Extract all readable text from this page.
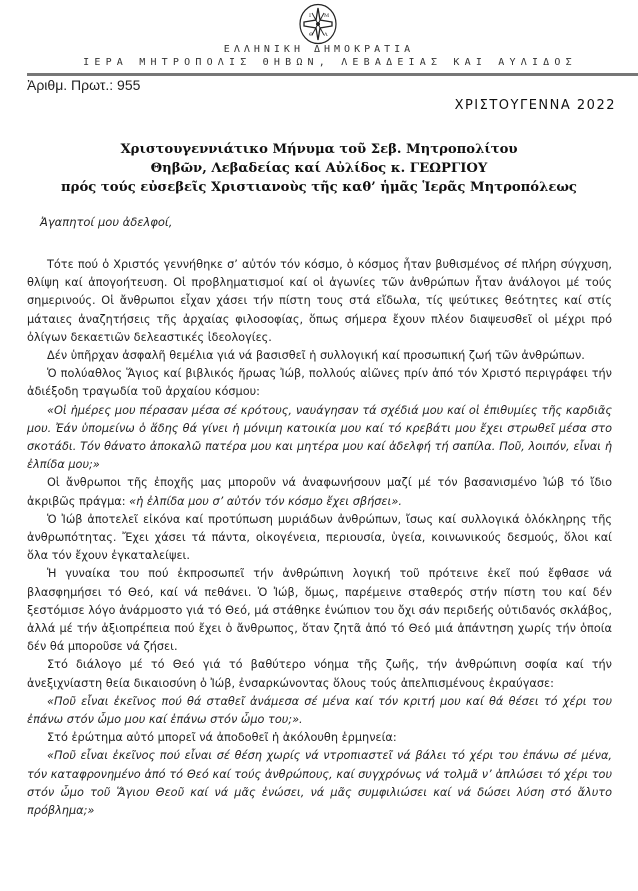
I	M
Θ Λ
ΕΛΛΗΝΙΚΗ ΔΗΜΟΚΡΑΤΙΑ
ΙΕΡΑ ΜΗΤΡΟΠΟΛΙΣ ΘΗΒΩΝ, ΛΕΒΑΔΕΙΑΣ ΚΑΙ ΑΥΛΙΔΟΣ
Ἀριθμ. Πρωτ.: 955
ΧΡΙΣΤΟΥΓΕΝΝΑ 2022
Χριστουγεννιάτικο Μήνυμα τοῦ Σεβ. Μητροπολίτου
Θηβῶν, Λεβαδείας καί Αὐλίδος κ. ΓΕΩΡΓΙΟΥ
πρός τούς εὐσεβεῖς Χριστιανοὺς τῆς καθ’ ἡμᾶς Ἱερᾶς Μητροπόλεως
Ἀγαπητοί μου ἀδελφοί,

Τότε πού ὁ Χριστός γεννήθηκε σ’ αὐτόν τόν κόσμο, ὁ κόσμος ἦταν βυθισμένος σέ πλήρη σύγχυση, θλίψη καί ἀπογοήτευση. Οἱ προβληματισμοί καί οἱ ἀγωνίες τῶν ἀνθρώπων ἦταν ἀνάλογοι μέ τούς σημερινούς. Οἱ ἄνθρωποι εἶχαν χάσει τήν πίστη τους στά εἴδωλα, τίς ψεύτικες θεότητες καί στίς μάταιες ἀναζητήσεις τῆς ἀρχαίας φιλοσοφίας, ὅπως σήμερα ἔχουν πλέον διαψευσθεῖ οἱ μέχρι πρό ὀλίγων δεκαετιῶν δελεαστικές ἰδεολογίες.

Δέν ὑπῆρχαν ἀσφαλῆ θεμέλια γιά νά βασισθεῖ ἡ συλλογική καί προσωπική ζωή τῶν ἀνθρώπων.

Ὁ πολύαθλος Ἅγιος καί βιβλικός ἥρωας Ἰώβ, πολλούς αἰῶνες πρίν ἀπό τόν Χριστό περιγράφει τήν ἀδιέξοδη τραγωδία τοῦ ἀρχαίου κόσμου:

«Οἱ ἡμέρες μου πέρασαν μέσα σέ κρότους, ναυάγησαν τά σχέδιά μου καί οἱ ἐπιθυμίες τῆς καρδιᾶς μου. Ἐάν ὑπομείνω ὁ ἅδης θά γίνει ἡ μόνιμη κατοικία μου καί τό κρεβάτι μου ἔχει στρωθεῖ μέσα στο σκοτάδι. Τόν θάνατο ἀποκαλῶ πατέρα μου και μητέρα μου καί ἀδελφή τή σαπίλα. Ποῦ, λοιπόν, εἶναι ἡ ἐλπίδα μου;»

Οἱ ἄνθρωποι τῆς ἐποχῆς μας μποροῦν νά ἀναφωνήσουν μαζί μέ τόν βασανισμένο Ἰώβ τό ἴδιο ἀκριβῶς πράγμα: «ἡ ἐλπίδα μου σ’ αὐτόν τόν κόσμο ἔχει σβήσει».

Ὁ Ἰώβ ἀποτελεῖ εἰκόνα καί προτύπωση μυριάδων ἀνθρώπων, ἴσως καί συλλογικά ὁλόκληρης τῆς ἀνθρωπότητας. Ἔχει χάσει τά πάντα, οἰκογένεια, περιουσία, ὑγεία, κοινωνικούς δεσμούς, ὅλοι καί ὅλα τόν ἔχουν ἐγκαταλείψει.

Ἡ γυναίκα του πού ἐκπροσωπεῖ τήν ἀνθρώπινη λογική τοῦ πρότεινε ἐκεῖ πού ἔφθασε νά βλασφημήσει τό Θεό, καί νά πεθάνει. Ὁ Ἰώβ, ὅμως, παρέμεινε σταθερός στήν πίστη του καί δέν ξεστόμισε λόγο ἀνάρμοστο γιά τό Θεό, μά στάθηκε ἐνώπιον του ὄχι σάν περιδεής οὐτιδανός σκλάβος, ἀλλά μέ τήν ἀξιοπρέπεια πού ἔχει ὁ ἄνθρωπος, ὅταν ζητᾶ ἀπό τό Θεό μιά ἀπάντηση χωρίς τήν ὁποία δέν θά μποροῦσε νά ζήσει.

Στό διάλογο μέ τό Θεό γιά τό βαθύτερο νόημα τῆς ζωῆς, τήν ἀνθρώπινη σοφία καί τήν ἀνεξιχνίαστη θεία δικαιοσύνη ὁ Ἰώβ, ἐνσαρκώνοντας ὅλους τούς ἀπελπισμένους ἐκραύγασε:

«Ποῦ εἶναι ἐκεῖνος πού θά σταθεῖ ἀνάμεσα σέ μένα καί τόν κριτή μου καί θά θέσει τό χέρι του ἐπάνω στόν ὦμο μου καί ἐπάνω στόν ὦμο του;».

Στό ἐρώτημα αὐτό μπορεῖ νά ἀποδοθεῖ ἡ ἀκόλουθη ἑρμηνεία:

«Ποῦ εἶναι ἐκεῖνος πού εἶναι σέ θέση χωρίς νά ντροπιαστεῖ νά βάλει τό χέρι του ἐπάνω σέ μένα, τόν καταφρονημένο ἀπό τό Θεό καί τούς ἀνθρώπους, καί συγχρόνως νά τολμᾶ ν’ ἁπλώσει τό χέρι του στόν ὦμο τοῦ Ἅγιου Θεοῦ καί νά μᾶς ἑνώσει, νά μᾶς συμφιλιώσει καί νά δώσει λύση στό ἄλυτο πρόβλημα;»
